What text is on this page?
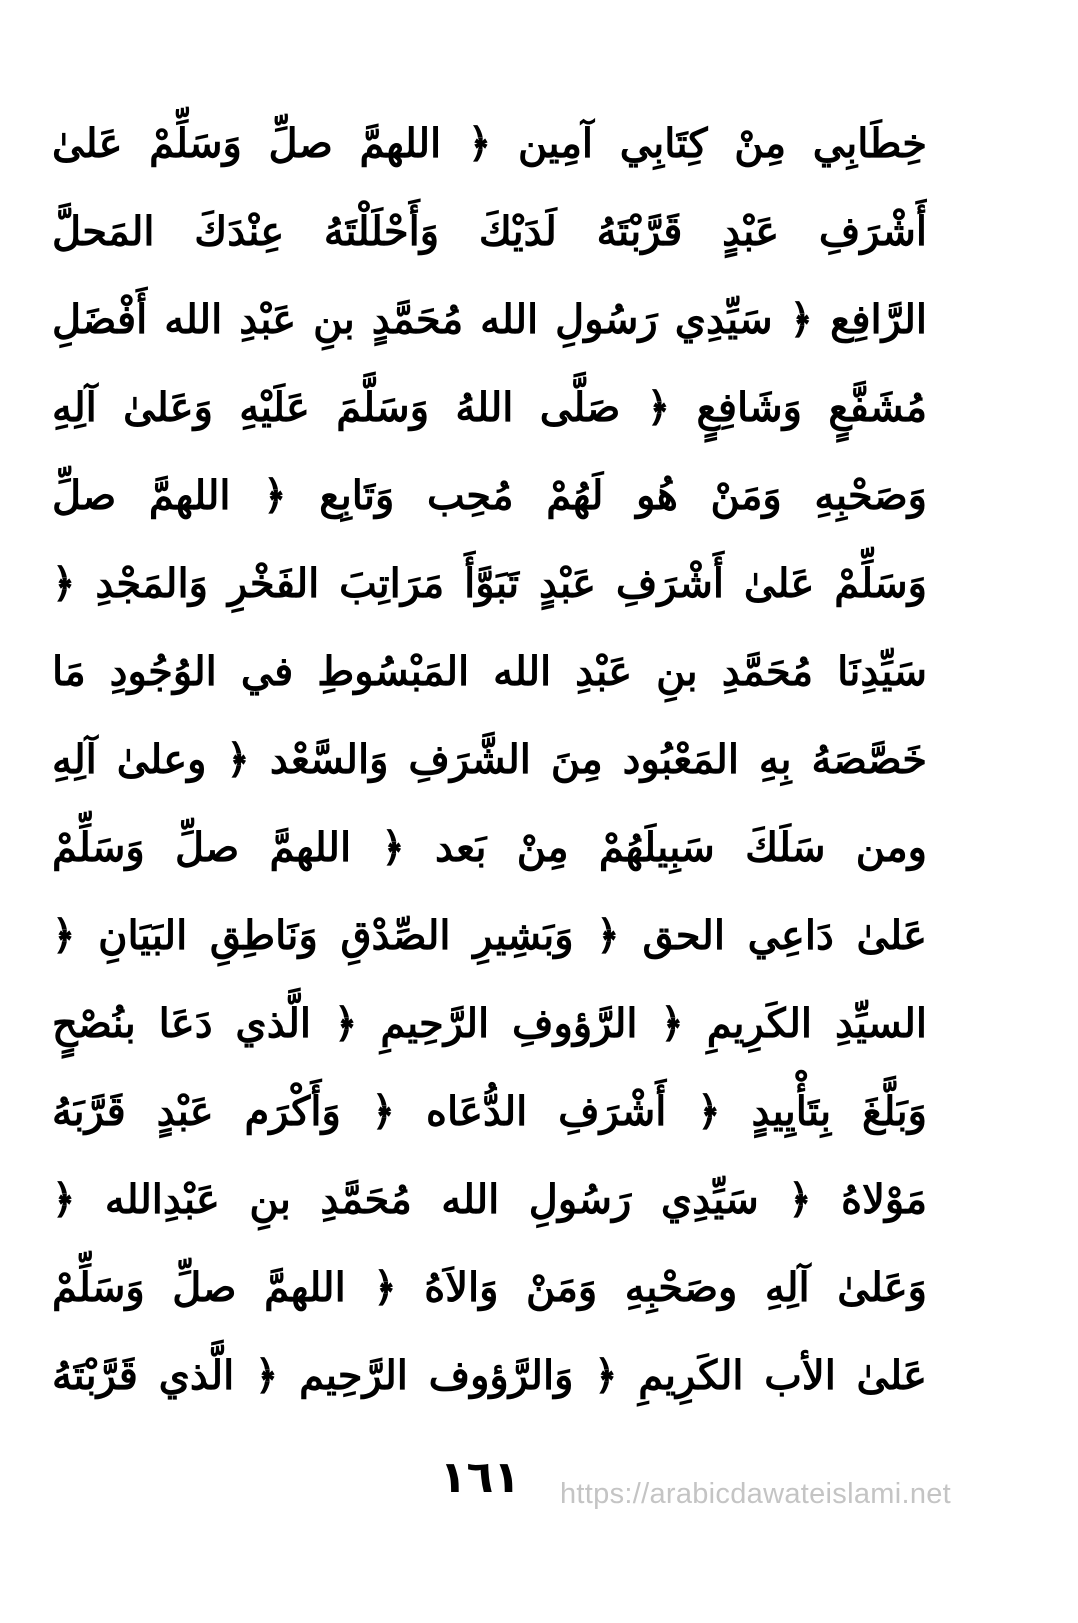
خِطَابِي مِنْ كِتَابِي آمِين ﴿ اللهمَّ صلِّ وَسَلِّمْ عَلىٰ
أَشْرَفِ عَبْدٍ قَرَّبْتَهُ لَدَيْكَ وَأَحْلَلْتَهُ عِنْدَكَ المَحلَّ
الرَّافِع ﴿ سَيِّدِي رَسُولِ الله مُحَمَّدٍ بنِ عَبْدِ الله أَفْضَلِ
مُشَفَّعٍ وَشَافِعٍ ﴿ صَلَّى اللهُ وَسَلَّمَ عَلَيْهِ وَعَلىٰ آلِهِ
وَصَحْبِهِ وَمَنْ هُو لَهُمْ مُحِب وَتَابِع ﴿ اللهمَّ صلِّ
وَسَلِّمْ عَلىٰ أَشْرَفِ عَبْدٍ تَبَوَّأَ مَرَاتِبَ الفَخْرِ وَالمَجْدِ ﴿
سَيِّدِنَا مُحَمَّدِ بنِ عَبْدِ الله المَبْسُوطِ في الوُجُودِ مَا
خَصَّصَهُ بِهِ المَعْبُود مِنَ الشَّرَفِ وَالسَّعْد ﴿ وعلىٰ آلِهِ
ومن سَلَكَ سَبِيلَهُمْ مِنْ بَعد ﴿ اللهمَّ صلِّ وَسَلِّمْ
عَلىٰ دَاعِي الحق ﴿ وَبَشِيرِ الصِّدْقِ وَنَاطِقِ البَيَانِ ﴿
السيِّدِ الكَرِيمِ ﴿ الرَّؤوفِ الرَّحِيمِ ﴿ الَّذي دَعَا بنُصْحٍ
وَبَلَّغَ بِتَأْيِيدٍ ﴿ أَشْرَفِ الدُّعَاه ﴿ وَأَكْرَم عَبْدٍ قَرَّبَهُ
مَوْلاهُ ﴿ سَيِّدِي رَسُولِ الله مُحَمَّدِ بنِ عَبْدِالله ﴿
وَعَلىٰ آلِهِ وصَحْبِهِ وَمَنْ وَالاَهُ ﴿ اللهمَّ صلِّ وَسَلِّمْ
عَلىٰ الأب الكَرِيمِ ﴿ وَالرَّؤوف الرَّحِيم ﴿ الَّذي قَرَّبْتَهُ
١٦١	https://arabicdawateislami.net
